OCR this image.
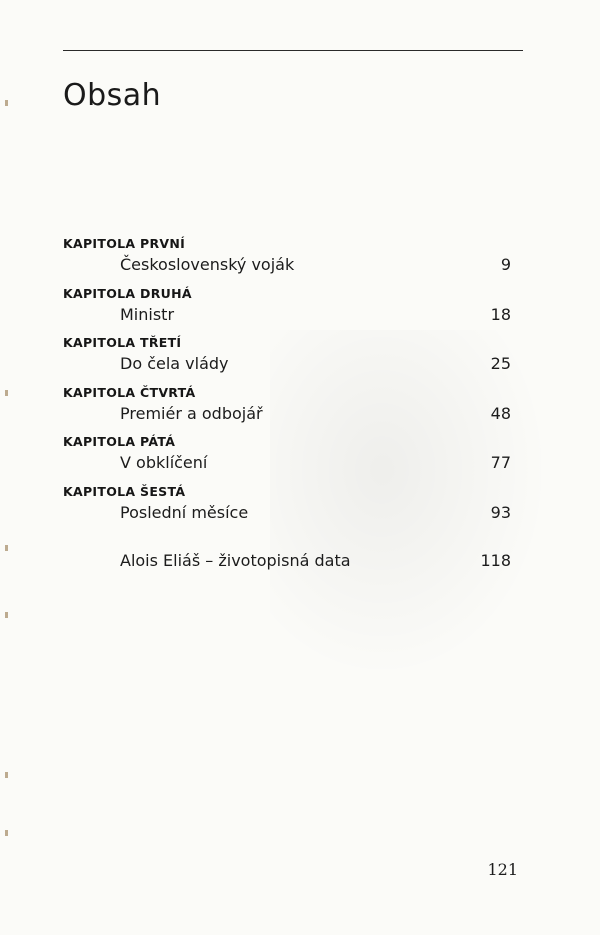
Obsah
KAPITOLA PRVNÍ
Československý voják	9
KAPITOLA DRUHÁ
Ministr	18
KAPITOLA TŘETÍ
Do čela vlády	25
KAPITOLA ČTVRTÁ
Premiér a odbojář	48
KAPITOLA PÁTÁ
V obklíčení	77
KAPITOLA ŠESTÁ
Poslední měsíce	93
Alois Eliáš – životopisná data	118
121
